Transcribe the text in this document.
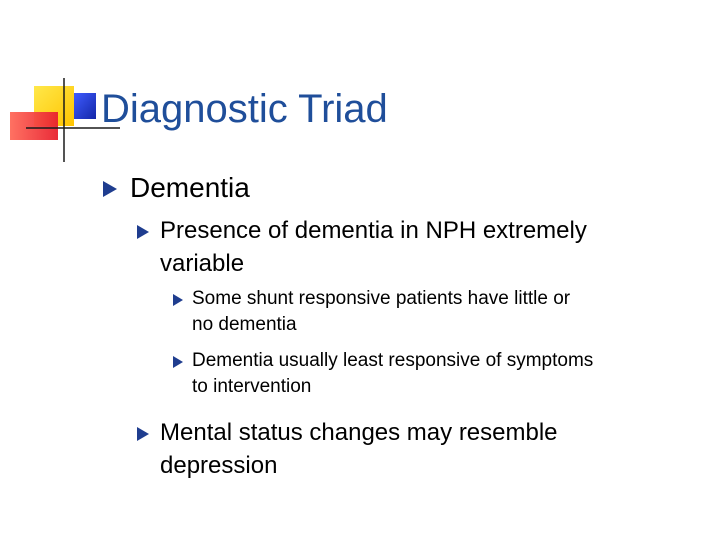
Diagnostic Triad
Dementia
Presence of dementia in NPH extremely
variable
Some shunt responsive patients have little or
no dementia
Dementia usually least responsive of symptoms
to intervention
Mental status changes may resemble
depression
